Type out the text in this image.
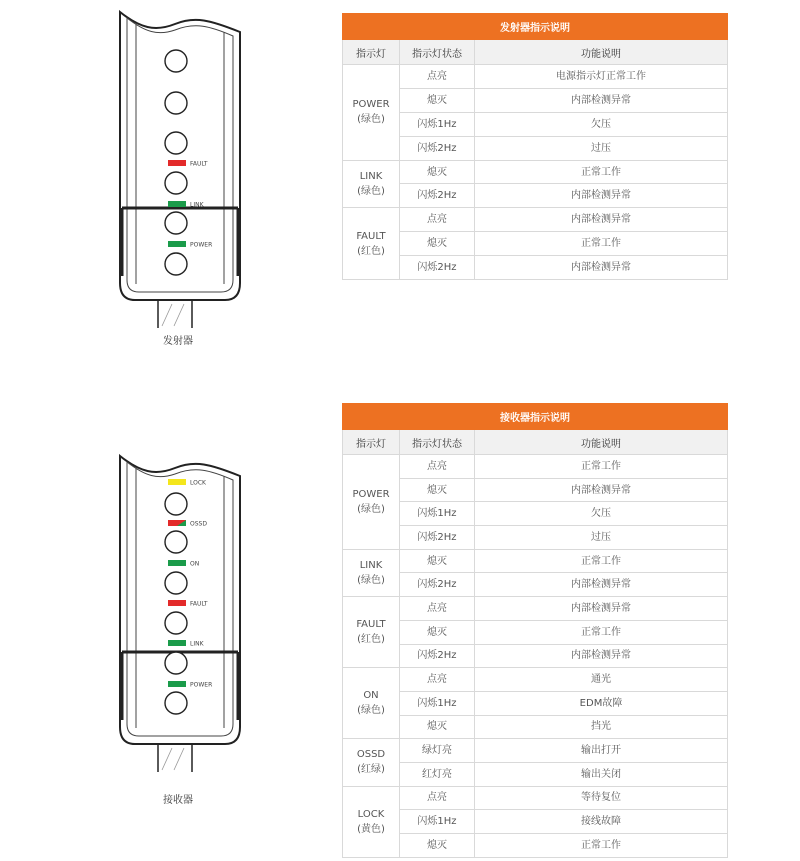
FAULT
LINK
POWER
发射器
LOCK
OSSD
ON
FAULT
LINK
POWER
接收器
发射器指示说明		
指示灯	指示灯状态	功能说明

POWER
(绿色)	点亮	电源指示灯正常工作
	熄灭	内部检测异常
	闪烁1Hz	欠压
	闪烁2Hz	过压

LINK
(绿色)	熄灭	正常工作
	闪烁2Hz	内部检测异常

FAULT
(红色)	点亮	内部检测异常
	熄灭	正常工作
	闪烁2Hz	内部检测异常
接收器指示说明		
指示灯	指示灯状态	功能说明

POWER
(绿色)	点亮	正常工作
	熄灭	内部检测异常
	闪烁1Hz	欠压
	闪烁2Hz	过压

LINK
(绿色)	熄灭	正常工作
	闪烁2Hz	内部检测异常

FAULT
(红色)	点亮	内部检测异常
	熄灭	正常工作
	闪烁2Hz	内部检测异常

ON
(绿色)	点亮	通光
	闪烁1Hz	EDM故障
	熄灭	挡光

OSSD
(红绿)	绿灯亮	输出打开
	红灯亮	输出关闭

LOCK
(黄色)	点亮	等待复位
	闪烁1Hz	接线故障
	熄灭	正常工作
